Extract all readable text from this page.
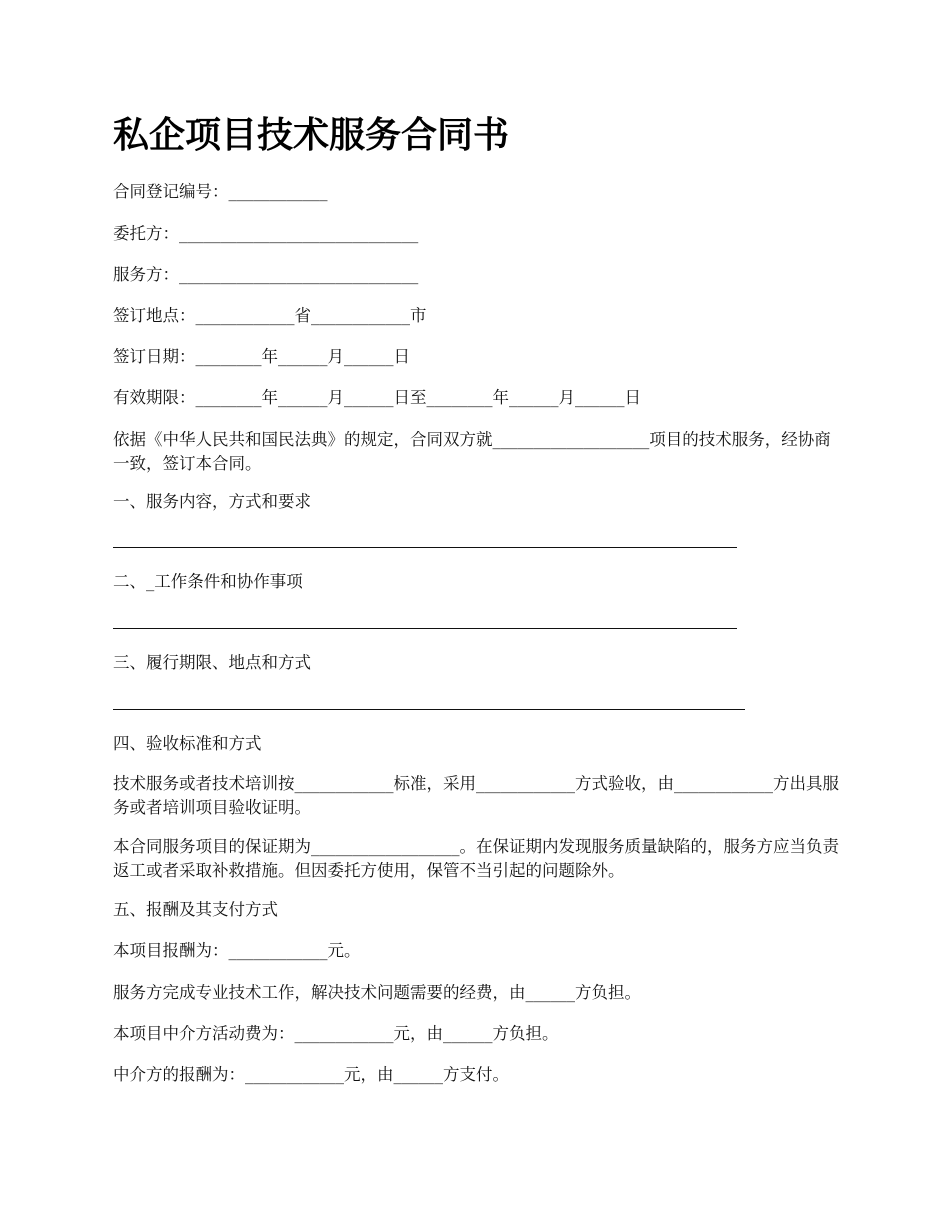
私企项目技术服务合同书

合同登记编号：____________

委托方：_____________________________

服务方：_____________________________

签订地点：____________省____________市

签订日期：________年______月______日

有效期限：________年______月______日至________年______月______日

依据《中华人民共和国民法典》的规定，合同双方就___________________项目的技术服务，经协商一致，签订本合同。

一、服务内容，方式和要求

二、_工作条件和协作事项

三、履行期限、地点和方式

四、验收标准和方式

技术服务或者技术培训按____________标准，采用____________方式验收，由____________方出具服务或者培训项目验收证明。

本合同服务项目的保证期为__________________。在保证期内发现服务质量缺陷的，服务方应当负责返工或者采取补救措施。但因委托方使用，保管不当引起的问题除外。

五、报酬及其支付方式

本项目报酬为：____________元。

服务方完成专业技术工作，解决技术问题需要的经费，由______方负担。

本项目中介方活动费为：____________元，由______方负担。

中介方的报酬为：____________元，由______方支付。
